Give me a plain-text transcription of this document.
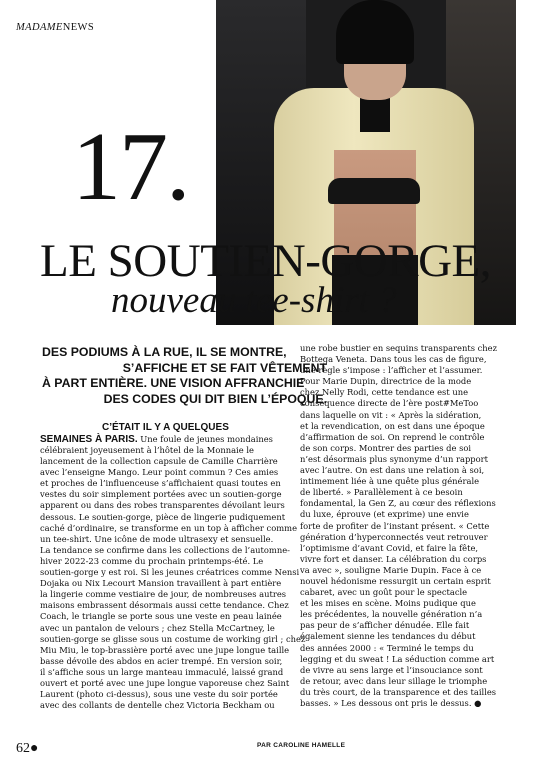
MADAMENEWS
17.
LE SOUTIEN-GORGE,
nouveau tee-shirt ?
DES PODIUMS À LA RUE, IL SE MONTRE,
S’AFFICHE ET SE FAIT VÊTEMENT
À PART ENTIÈRE. UNE VISION AFFRANCHIE
DES CODES QUI DIT BIEN L’ÉPOQUE.
C’ÉTAIT IL Y A QUELQUES
SEMAINES À PARIS. Une foule de jeunes mondaines
célébraient joyeusement à l’hôtel de la Monnaie le
lancement de la collection capsule de Camille Charrière
avec l’enseigne Mango. Leur point commun ? Ces amies
et proches de l’influenceuse s’affichaient quasi toutes en
vestes du soir simplement portées avec un soutien-gorge
apparent ou dans des robes transparentes dévoilant leurs
dessous. Le soutien-gorge, pièce de lingerie pudiquement
caché d’ordinaire, se transforme en un top à afficher comme
un tee-shirt. Une icône de mode ultrasexy et sensuelle.
La tendance se confirme dans les collections de l’automne-
hiver 2022-23 comme du prochain printemps-été. Le
soutien-gorge y est roi. Si les jeunes créatrices comme Nensi
Dojaka ou Nix Lecourt Mansion travaillent à part entière
la lingerie comme vestiaire de jour, de nombreuses autres
maisons embrassent désormais aussi cette tendance. Chez
Coach, le triangle se porte sous une veste en peau lainée
avec un pantalon de velours ; chez Stella McCartney, le
soutien-gorge se glisse sous un costume de working girl ; chez
Miu Miu, le top-brassière porté avec une jupe longue taille
basse dévoile des abdos en acier trempé. En version soir,
il s’affiche sous un large manteau immaculé, laissé grand
ouvert et porté avec une jupe longue vaporeuse chez Saint
Laurent (photo ci-dessus), sous une veste du soir portée
avec des collants de dentelle chez Victoria Beckham ou
une robe bustier en sequins transparents chez
Bottega Veneta. Dans tous les cas de figure,
une règle s’impose : l’afficher et l’assumer.
Pour Marie Dupin, directrice de la mode
chez Nelly Rodi, cette tendance est une
conséquence directe de l’ère post#MeToo
dans laquelle on vit : « Après la sidération,
et la revendication, on est dans une époque
d’affirmation de soi. On reprend le contrôle
de son corps. Montrer des parties de soi
n’est désormais plus synonyme d’un rapport
avec l’autre. On est dans une relation à soi,
intimement liée à une quête plus générale
de liberté. » Parallèlement à ce besoin
fondamental, la Gen Z, au cœur des réflexions
du luxe, éprouve (et exprime) une envie
forte de profiter de l’instant présent. « Cette
génération d’hyperconnectés veut retrouver
l’optimisme d’avant Covid, et faire la fête,
vivre fort et danser. La célébration du corps
va avec », souligne Marie Dupin. Face à ce
nouvel hédonisme ressurgit un certain esprit
cabaret, avec un goût pour le spectacle
et les mises en scène. Moins pudique que
les précédentes, la nouvelle génération n’a
pas peur de s’afficher dénudée. Elle fait
également sienne les tendances du début
des années 2000 : « Terminé le temps du
legging et du sweat ! La séduction comme art
de vivre au sens large et l’insouciance sont
de retour, avec dans leur sillage le triomphe
du très court, de la transparence et des tailles
basses. » Les dessous ont pris le dessus. ●
PAR CAROLINE HAMELLE
62●
